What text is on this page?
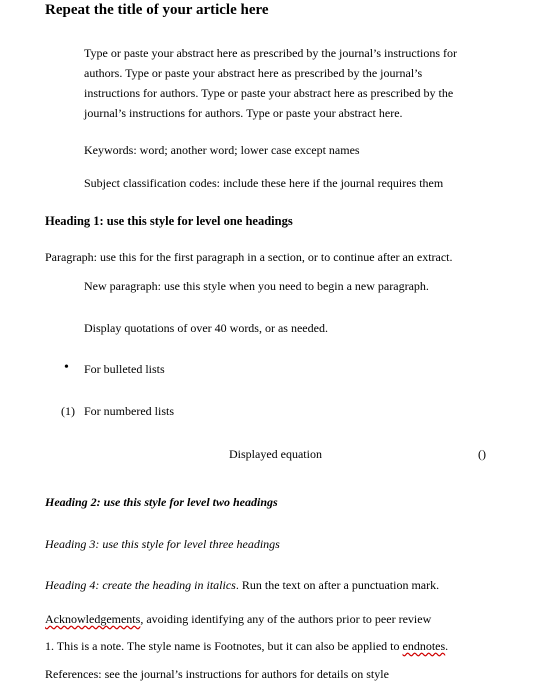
Repeat the title of your article here
Type or paste your abstract here as prescribed by the journal’s instructions for authors. Type or paste your abstract here as prescribed by the journal’s instructions for authors. Type or paste your abstract here as prescribed by the journal’s instructions for authors. Type or paste your abstract here.
Keywords: word; another word; lower case except names
Subject classification codes: include these here if the journal requires them
Heading 1: use this style for level one headings
Paragraph: use this for the first paragraph in a section, or to continue after an extract.
New paragraph: use this style when you need to begin a new paragraph.
Display quotations of over 40 words, or as needed.
• For bulleted lists
(1) For numbered lists
Displayed equation	()
Heading 2: use this style for level two headings
Heading 3: use this style for level three headings
Heading 4: create the heading in italics. Run the text on after a punctuation mark.
Acknowledgements, avoiding identifying any of the authors prior to peer review
1. This is a note. The style name is Footnotes, but it can also be applied to endnotes.
References: see the journal’s instructions for authors for details on style
